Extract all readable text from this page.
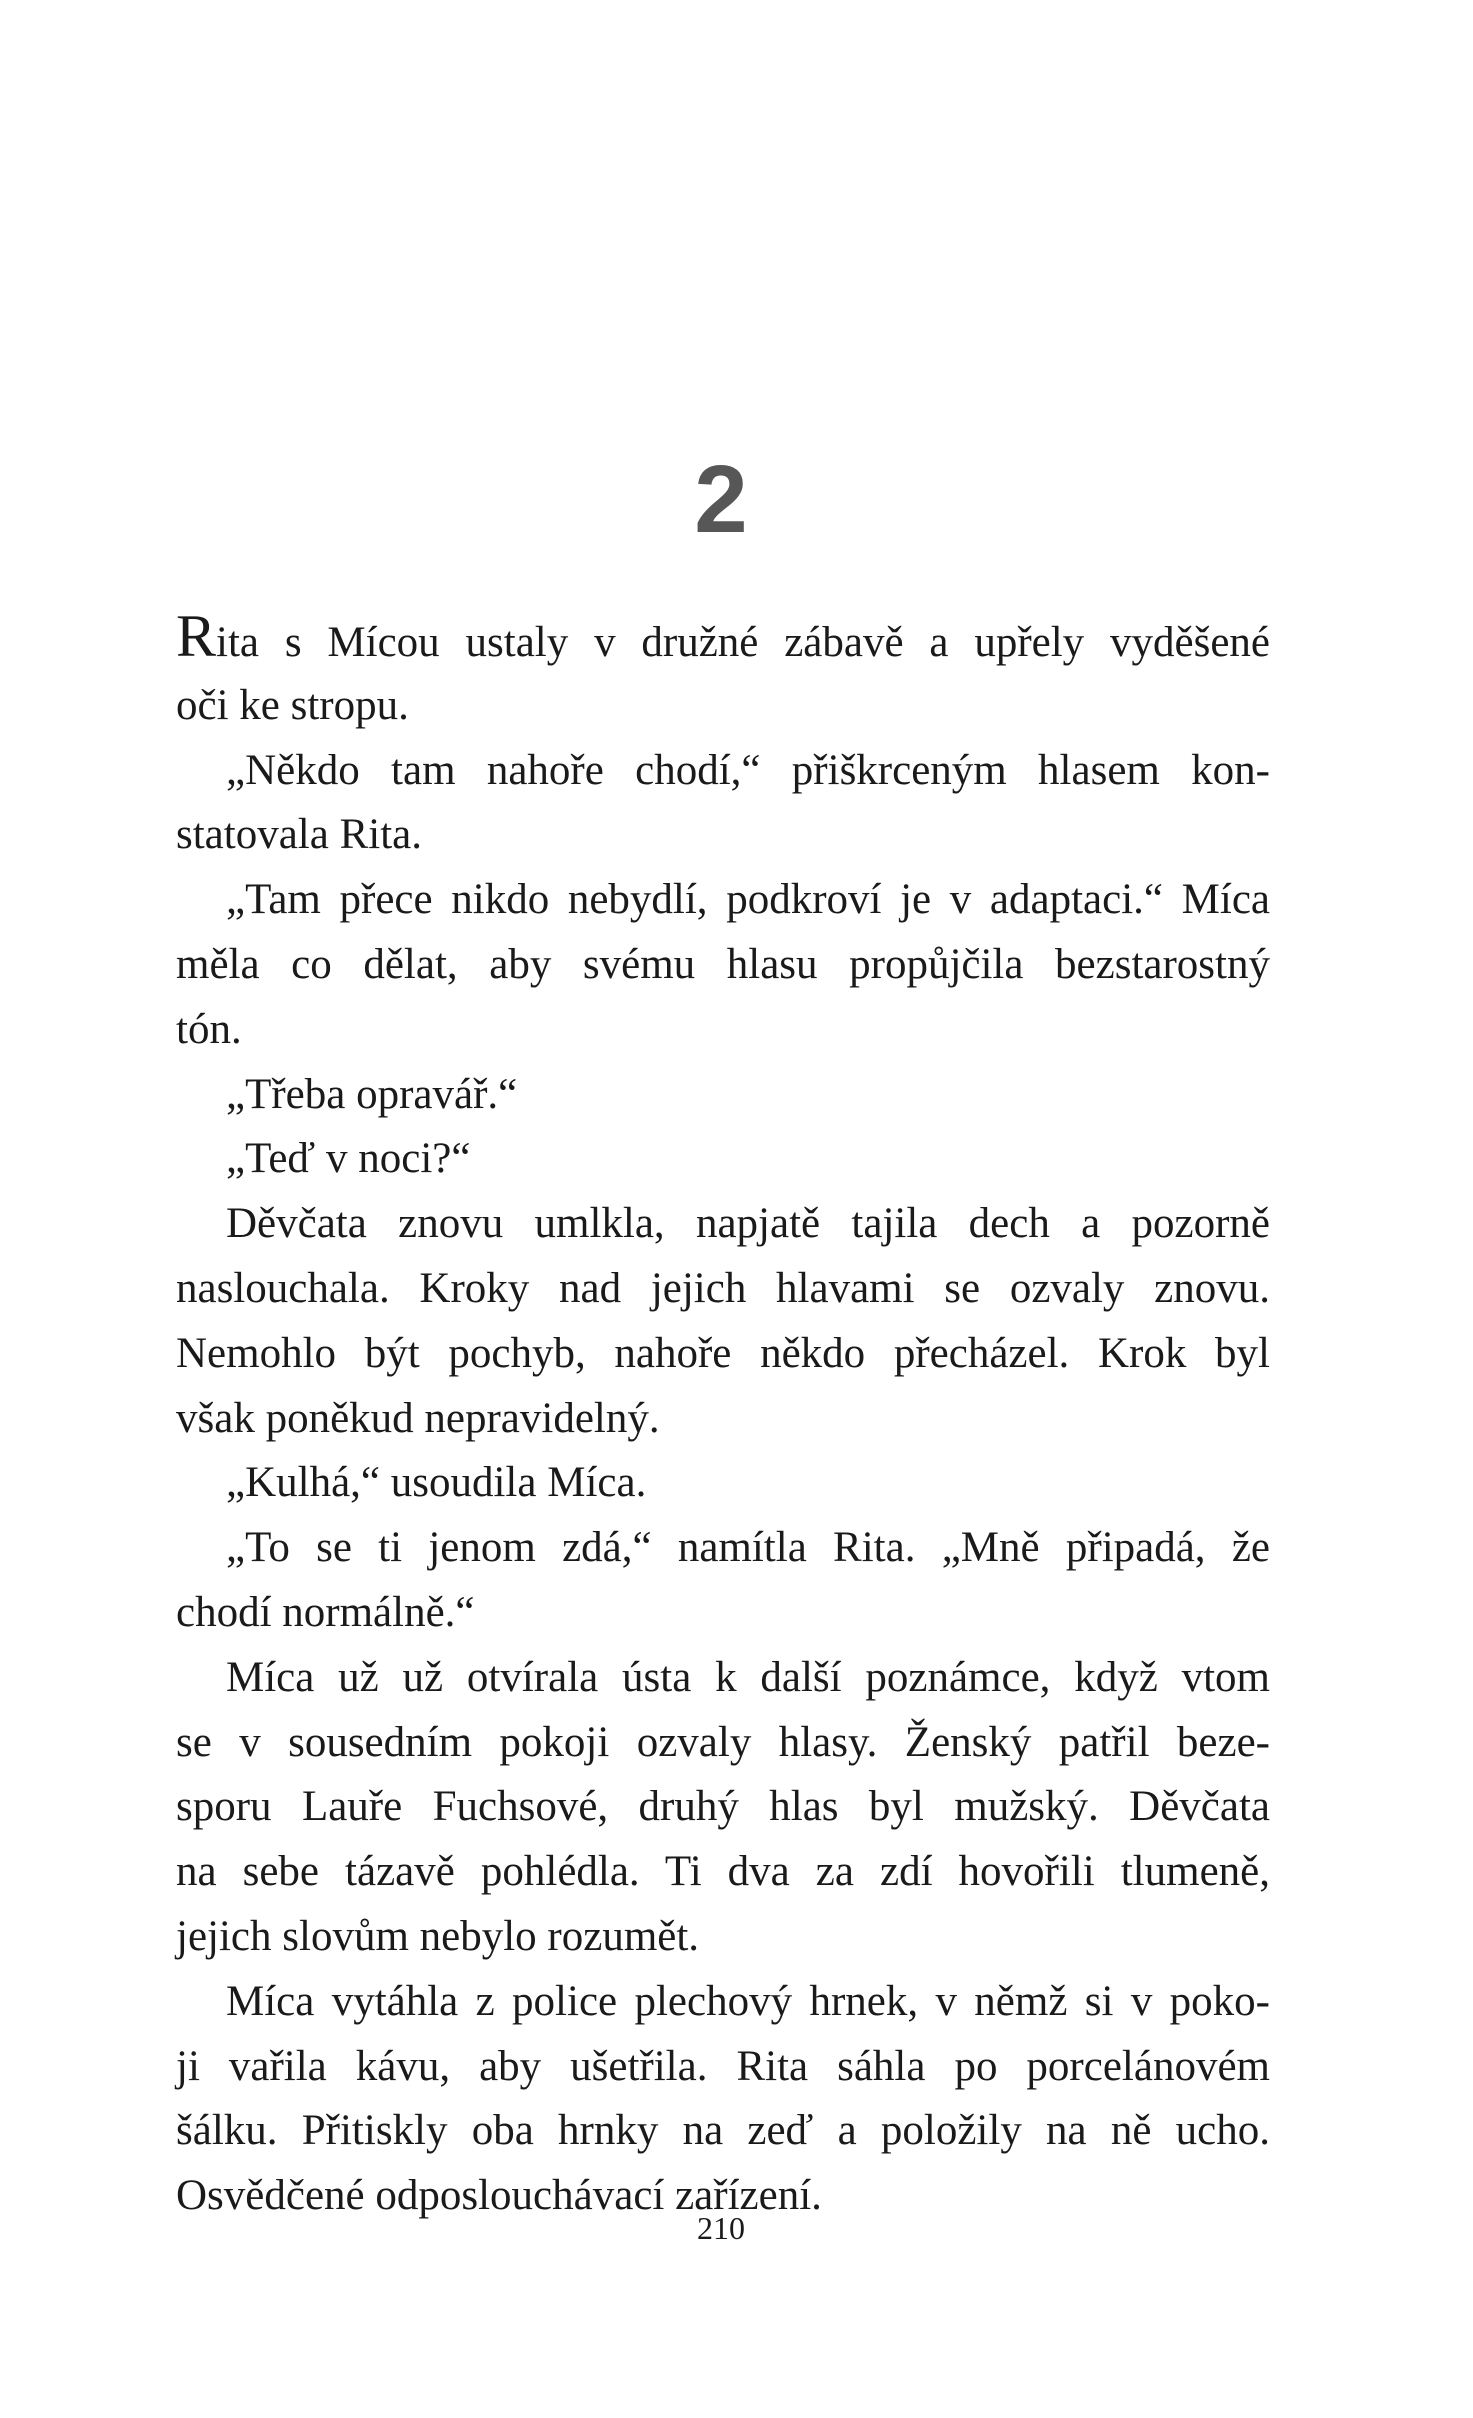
2
Rita s Mícou ustaly v družné zábavě a upřely vyděšené
oči ke stropu.
„Někdo tam nahoře chodí,“ přiškrceným hlasem kon-
statovala Rita.
„Tam přece nikdo nebydlí, podkroví je v adaptaci.“ Míca
měla co dělat, aby svému hlasu propůjčila bezstarostný
tón.
„Třeba opravář.“
„Teď v noci?“
Děvčata znovu umlkla, napjatě tajila dech a pozorně
naslouchala. Kroky nad jejich hlavami se ozvaly znovu.
Nemohlo být pochyb, nahoře někdo přecházel. Krok byl
však poněkud nepravidelný.
„Kulhá,“ usoudila Míca.
„To se ti jenom zdá,“ namítla Rita. „Mně připadá, že
chodí normálně.“
Míca už už otvírala ústa k další poznámce, když vtom
se v sousedním pokoji ozvaly hlasy. Ženský patřil beze-
sporu Lauře Fuchsové, druhý hlas byl mužský. Děvčata
na sebe tázavě pohlédla. Ti dva za zdí hovořili tlumeně,
jejich slovům nebylo rozumět.
Míca vytáhla z police plechový hrnek, v němž si v poko-
ji vařila kávu, aby ušetřila. Rita sáhla po porcelánovém
šálku. Přitiskly oba hrnky na zeď a položily na ně ucho.
Osvědčené odposlouchávací zařízení.
210
